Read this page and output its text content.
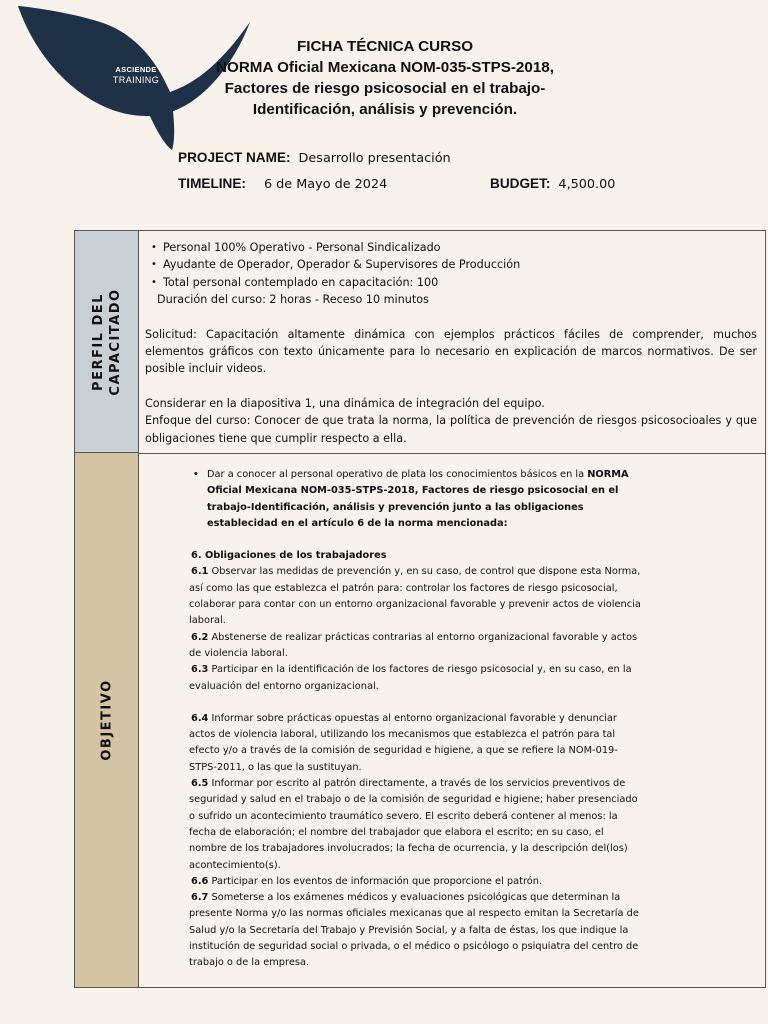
ASCIENDE
TRAINING
FICHA TÉCNICA CURSO
NORMA Oficial Mexicana NOM-035-STPS-2018,
Factores de riesgo psicosocial en el trabajo-
Identificación, análisis y prevención.
PROJECT NAME: Desarrollo presentación
TIMELINE: 6 de Mayo de 2024	BUDGET: 4,500.00
PERFIL DEL CAPACITADO
OBJETIVO
• Personal 100% Operativo - Personal Sindicalizado
• Ayudante de Operador, Operador & Supervisores de Producción
• Total personal contemplado en capacitación: 100
Duración del curso: 2 horas - Receso 10 minutos

Solicitud: Capacitación altamente dinámica con ejemplos prácticos fáciles de comprender, muchos elementos gráficos con texto únicamente para lo necesario en explicación de marcos normativos. De ser posible incluir videos.

Considerar en la diapositiva 1, una dinámica de integración del equipo.

Enfoque del curso: Conocer de que trata la norma, la política de prevención de riesgos psicosocioales y que obligaciones tiene que cumplir respecto a ella.

• Dar a conocer al personal operativo de plata los conocimientos básicos en la NORMA Oficial Mexicana NOM-035-STPS-2018, Factores de riesgo psicosocial en el trabajo-Identificación, análisis y prevención junto a las obligaciones establecidad en el artículo 6 de la norma mencionada:

6. Obligaciones de los trabajadores

6.1 Observar las medidas de prevención y, en su caso, de control que dispone esta Norma, así como las que establezca el patrón para: controlar los factores de riesgo psicosocial, colaborar para contar con un entorno organizacional favorable y prevenir actos de violencia laboral.

6.2 Abstenerse de realizar prácticas contrarias al entorno organizacional favorable y actos de violencia laboral.

6.3 Participar en la identificación de los factores de riesgo psicosocial y, en su caso, en la evaluación del entorno organizacional.

6.4 Informar sobre prácticas opuestas al entorno organizacional favorable y denunciar actos de violencia laboral, utilizando los mecanismos que establezca el patrón para tal efecto y/o a través de la comisión de seguridad e higiene, a que se refiere la NOM-019-STPS-2011, o las que la sustituyan.

6.5 Informar por escrito al patrón directamente, a través de los servicios preventivos de seguridad y salud en el trabajo o de la comisión de seguridad e higiene; haber presenciado o sufrido un acontecimiento traumático severo. El escrito deberá contener al menos: la fecha de elaboración; el nombre del trabajador que elabora el escrito; en su caso, el nombre de los trabajadores involucrados; la fecha de ocurrencia, y la descripción del(los) acontecimiento(s).

6.6 Participar en los eventos de información que proporcione el patrón.

6.7 Someterse a los exámenes médicos y evaluaciones psicológicas que determinan la presente Norma y/o las normas oficiales mexicanas que al respecto emitan la Secretaría de Salud y/o la Secretaría del Trabajo y Previsión Social, y a falta de éstas, los que indique la institución de seguridad social o privada, o el médico o psicólogo o psiquiatra del centro de trabajo o de la empresa.
